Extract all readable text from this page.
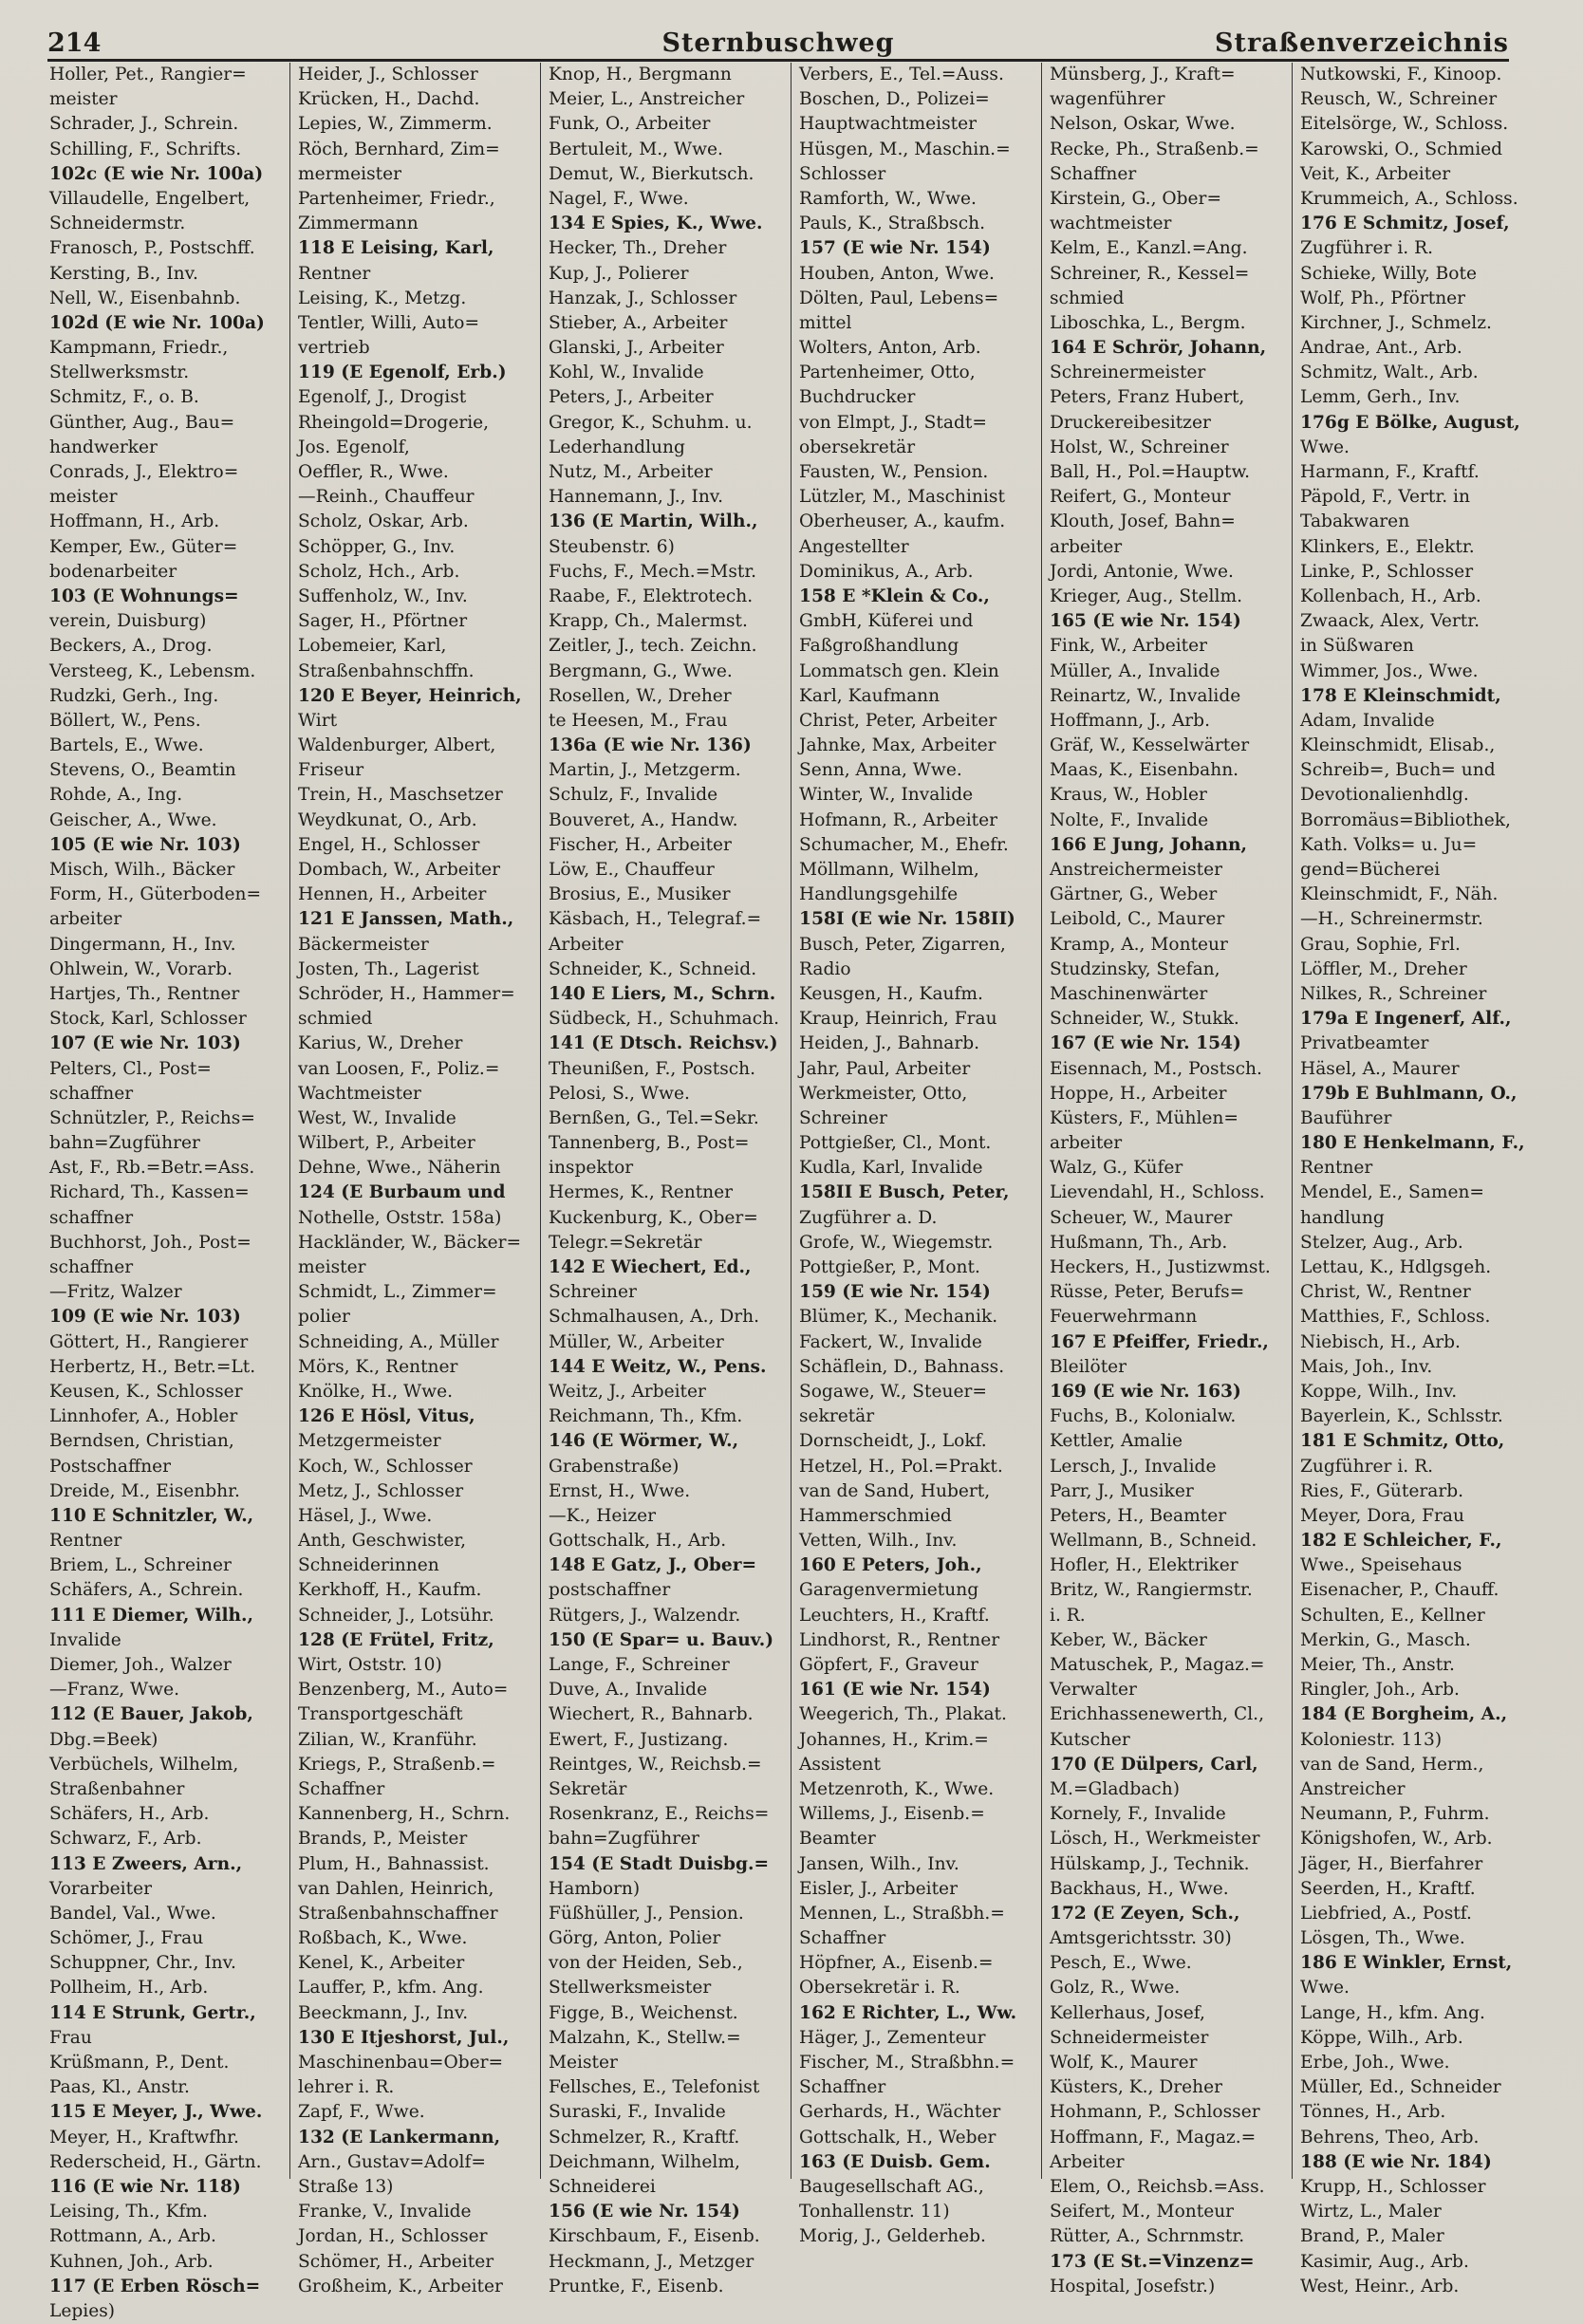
214	Sternbuschweg	Straßenverzeichnis
Holler, Pet., Rangier=
meister
Schrader, J., Schrein.
Schilling, F., Schrifts.
102c (E wie Nr. 100a)
Villaudelle, Engelbert,
Schneidermstr.
Franosch, P., Postschff.
Kersting, B., Inv.
Nell, W., Eisenbahnb.
102d (E wie Nr. 100a)
Kampmann, Friedr.,
Stellwerksmstr.
Schmitz, F., o. B.
Günther, Aug., Bau=
handwerker
Conrads, J., Elektro=
meister
Hoffmann, H., Arb.
Kemper, Ew., Güter=
bodenarbeiter
103 (E Wohnungs=
verein, Duisburg)
Beckers, A., Drog.
Versteeg, K., Lebensm.
Rudzki, Gerh., Ing.
Böllert, W., Pens.
Bartels, E., Wwe.
Stevens, O., Beamtin
Rohde, A., Ing.
Geischer, A., Wwe.
105 (E wie Nr. 103)
Misch, Wilh., Bäcker
Form, H., Güterboden=
arbeiter
Dingermann, H., Inv.
Ohlwein, W., Vorarb.
Hartjes, Th., Rentner
Stock, Karl, Schlosser
107 (E wie Nr. 103)
Pelters, Cl., Post=
schaffner
Schnützler, P., Reichs=
bahn=Zugführer
Ast, F., Rb.=Betr.=Ass.
Richard, Th., Kassen=
schaffner
Buchhorst, Joh., Post=
schaffner
—Fritz, Walzer
109 (E wie Nr. 103)
Göttert, H., Rangierer
Herbertz, H., Betr.=Lt.
Keusen, K., Schlosser
Linnhofer, A., Hobler
Berndsen, Christian,
Postschaffner
Dreide, M., Eisenbhr.
110 E Schnitzler, W.,
Rentner
Briem, L., Schreiner
Schäfers, A., Schrein.
111 E Diemer, Wilh.,
Invalide
Diemer, Joh., Walzer
—Franz, Wwe.
112 (E Bauer, Jakob,
Dbg.=Beek)
Verbüchels, Wilhelm,
Straßenbahner
Schäfers, H., Arb.
Schwarz, F., Arb.
113 E Zweers, Arn.,
Vorarbeiter
Bandel, Val., Wwe.
Schömer, J., Frau
Schuppner, Chr., Inv.
Pollheim, H., Arb.
114 E Strunk, Gertr.,
Frau
Krüßmann, P., Dent.
Paas, Kl., Anstr.
115 E Meyer, J., Wwe.
Meyer, H., Kraftwfhr.
Rederscheid, H., Gärtn.
116 (E wie Nr. 118)
Leising, Th., Kfm.
Rottmann, A., Arb.
Kuhnen, Joh., Arb.
117 (E Erben Rösch=
Lepies)
Heider, J., Schlosser
Krücken, H., Dachd.
Lepies, W., Zimmerm.
Röch, Bernhard, Zim=
mermeister
Partenheimer, Friedr.,
Zimmermann
118 E Leising, Karl,
Rentner
Leising, K., Metzg.
Tentler, Willi, Auto=
vertrieb
119 (E Egenolf, Erb.)
Egenolf, J., Drogist
Rheingold=Drogerie,
Jos. Egenolf,
Oeffler, R., Wwe.
—Reinh., Chauffeur
Scholz, Oskar, Arb.
Schöpper, G., Inv.
Scholz, Hch., Arb.
Suffenholz, W., Inv.
Sager, H., Pförtner
Lobemeier, Karl,
Straßenbahnschffn.
120 E Beyer, Heinrich,
Wirt
Waldenburger, Albert,
Friseur
Trein, H., Maschsetzer
Weydkunat, O., Arb.
Engel, H., Schlosser
Dombach, W., Arbeiter
Hennen, H., Arbeiter
121 E Janssen, Math.,
Bäckermeister
Josten, Th., Lagerist
Schröder, H., Hammer=
schmied
Karius, W., Dreher
van Loosen, F., Poliz.=
Wachtmeister
West, W., Invalide
Wilbert, P., Arbeiter
Dehne, Wwe., Näherin
124 (E Burbaum und
Nothelle, Oststr. 158a)
Hackländer, W., Bäcker=
meister
Schmidt, L., Zimmer=
polier
Schneiding, A., Müller
Mörs, K., Rentner
Knölke, H., Wwe.
126 E Hösl, Vitus,
Metzgermeister
Koch, W., Schlosser
Metz, J., Schlosser
Häsel, J., Wwe.
Anth, Geschwister,
Schneiderinnen
Kerkhoff, H., Kaufm.
Schneider, J., Lotsühr.
128 (E Frütel, Fritz,
Wirt, Oststr. 10)
Benzenberg, M., Auto=
Transportgeschäft
Zilian, W., Kranführ.
Kriegs, P., Straßenb.=
Schaffner
Kannenberg, H., Schrn.
Brands, P., Meister
Plum, H., Bahnassist.
van Dahlen, Heinrich,
Straßenbahnschaffner
Roßbach, K., Wwe.
Kenel, K., Arbeiter
Lauffer, P., kfm. Ang.
Beeckmann, J., Inv.
130 E Itjeshorst, Jul.,
Maschinenbau=Ober=
lehrer i. R.
Zapf, F., Wwe.
132 (E Lankermann,
Arn., Gustav=Adolf=
Straße 13)
Franke, V., Invalide
Jordan, H., Schlosser
Schömer, H., Arbeiter
Großheim, K., Arbeiter
Knop, H., Bergmann
Meier, L., Anstreicher
Funk, O., Arbeiter
Bertuleit, M., Wwe.
Demut, W., Bierkutsch.
Nagel, F., Wwe.
134 E Spies, K., Wwe.
Hecker, Th., Dreher
Kup, J., Polierer
Hanzak, J., Schlosser
Stieber, A., Arbeiter
Glanski, J., Arbeiter
Kohl, W., Invalide
Peters, J., Arbeiter
Gregor, K., Schuhm. u.
Lederhandlung
Nutz, M., Arbeiter
Hannemann, J., Inv.
136 (E Martin, Wilh.,
Steubenstr. 6)
Fuchs, F., Mech.=Mstr.
Raabe, F., Elektrotech.
Krapp, Ch., Malermst.
Zeitler, J., tech. Zeichn.
Bergmann, G., Wwe.
Rosellen, W., Dreher
te Heesen, M., Frau
136a (E wie Nr. 136)
Martin, J., Metzgerm.
Schulz, F., Invalide
Bouveret, A., Handw.
Fischer, H., Arbeiter
Löw, E., Chauffeur
Brosius, E., Musiker
Käsbach, H., Telegraf.=
Arbeiter
Schneider, K., Schneid.
140 E Liers, M., Schrn.
Südbeck, H., Schuhmach.
141 (E Dtsch. Reichsv.)
Theunißen, F., Postsch.
Pelosi, S., Wwe.
Bernßen, G., Tel.=Sekr.
Tannenberg, B., Post=
inspektor
Hermes, K., Rentner
Kuckenburg, K., Ober=
Telegr.=Sekretär
142 E Wiechert, Ed.,
Schreiner
Schmalhausen, A., Drh.
Müller, W., Arbeiter
144 E Weitz, W., Pens.
Weitz, J., Arbeiter
Reichmann, Th., Kfm.
146 (E Wörmer, W.,
Grabenstraße)
Ernst, H., Wwe.
—K., Heizer
Gottschalk, H., Arb.
148 E Gatz, J., Ober=
postschaffner
Rütgers, J., Walzendr.
150 (E Spar= u. Bauv.)
Lange, F., Schreiner
Duve, A., Invalide
Wiechert, R., Bahnarb.
Ewert, F., Justizang.
Reintges, W., Reichsb.=
Sekretär
Rosenkranz, E., Reichs=
bahn=Zugführer
154 (E Stadt Duisbg.=
Hamborn)
Füßhüller, J., Pension.
Görg, Anton, Polier
von der Heiden, Seb.,
Stellwerksmeister
Figge, B., Weichenst.
Malzahn, K., Stellw.=
Meister
Fellsches, E., Telefonist
Suraski, F., Invalide
Schmelzer, R., Kraftf.
Deichmann, Wilhelm,
Schneiderei
156 (E wie Nr. 154)
Kirschbaum, F., Eisenb.
Heckmann, J., Metzger
Pruntke, F., Eisenb.
Verbers, E., Tel.=Auss.
Boschen, D., Polizei=
Hauptwachtmeister
Hüsgen, M., Maschin.=
Schlosser
Ramforth, W., Wwe.
Pauls, K., Straßbsch.
157 (E wie Nr. 154)
Houben, Anton, Wwe.
Dölten, Paul, Lebens=
mittel
Wolters, Anton, Arb.
Partenheimer, Otto,
Buchdrucker
von Elmpt, J., Stadt=
obersekretär
Fausten, W., Pension.
Lützler, M., Maschinist
Oberheuser, A., kaufm.
Angestellter
Dominikus, A., Arb.
158 E *Klein & Co.,
GmbH, Küferei und
Faßgroßhandlung
Lommatsch gen. Klein
Karl, Kaufmann
Christ, Peter, Arbeiter
Jahnke, Max, Arbeiter
Senn, Anna, Wwe.
Winter, W., Invalide
Hofmann, R., Arbeiter
Schumacher, M., Ehefr.
Möllmann, Wilhelm,
Handlungsgehilfe
158I (E wie Nr. 158II)
Busch, Peter, Zigarren,
Radio
Keusgen, H., Kaufm.
Kraup, Heinrich, Frau
Heiden, J., Bahnarb.
Jahr, Paul, Arbeiter
Werkmeister, Otto,
Schreiner
Pottgießer, Cl., Mont.
Kudla, Karl, Invalide
158II E Busch, Peter,
Zugführer a. D.
Grofe, W., Wiegemstr.
Pottgießer, P., Mont.
159 (E wie Nr. 154)
Blümer, K., Mechanik.
Fackert, W., Invalide
Schäflein, D., Bahnass.
Sogawe, W., Steuer=
sekretär
Dornscheidt, J., Lokf.
Hetzel, H., Pol.=Prakt.
van de Sand, Hubert,
Hammerschmied
Vetten, Wilh., Inv.
160 E Peters, Joh.,
Garagenvermietung
Leuchters, H., Kraftf.
Lindhorst, R., Rentner
Göpfert, F., Graveur
161 (E wie Nr. 154)
Weegerich, Th., Plakat.
Johannes, H., Krim.=
Assistent
Metzenroth, K., Wwe.
Willems, J., Eisenb.=
Beamter
Jansen, Wilh., Inv.
Eisler, J., Arbeiter
Mennen, L., Straßbh.=
Schaffner
Höpfner, A., Eisenb.=
Obersekretär i. R.
162 E Richter, L., Ww.
Häger, J., Zementeur
Fischer, M., Straßbhn.=
Schaffner
Gerhards, H., Wächter
Gottschalk, H., Weber
163 (E Duisb. Gem.
Baugesellschaft AG.,
Tonhallenstr. 11)
Morig, J., Gelderheb.
Münsberg, J., Kraft=
wagenführer
Nelson, Oskar, Wwe.
Recke, Ph., Straßenb.=
Schaffner
Kirstein, G., Ober=
wachtmeister
Kelm, E., Kanzl.=Ang.
Schreiner, R., Kessel=
schmied
Liboschka, L., Bergm.
164 E Schrör, Johann,
Schreinermeister
Peters, Franz Hubert,
Druckereibesitzer
Holst, W., Schreiner
Ball, H., Pol.=Hauptw.
Reifert, G., Monteur
Klouth, Josef, Bahn=
arbeiter
Jordi, Antonie, Wwe.
Krieger, Aug., Stellm.
165 (E wie Nr. 154)
Fink, W., Arbeiter
Müller, A., Invalide
Reinartz, W., Invalide
Hoffmann, J., Arb.
Gräf, W., Kesselwärter
Maas, K., Eisenbahn.
Kraus, W., Hobler
Nolte, F., Invalide
166 E Jung, Johann,
Anstreichermeister
Gärtner, G., Weber
Leibold, C., Maurer
Kramp, A., Monteur
Studzinsky, Stefan,
Maschinenwärter
Schneider, W., Stukk.
167 (E wie Nr. 154)
Eisennach, M., Postsch.
Hoppe, H., Arbeiter
Küsters, F., Mühlen=
arbeiter
Walz, G., Küfer
Lievendahl, H., Schloss.
Scheuer, W., Maurer
Hußmann, Th., Arb.
Heckers, H., Justizwmst.
Rüsse, Peter, Berufs=
Feuerwehrmann
167 E Pfeiffer, Friedr.,
Bleilöter
169 (E wie Nr. 163)
Fuchs, B., Kolonialw.
Kettler, Amalie
Lersch, J., Invalide
Parr, J., Musiker
Peters, H., Beamter
Wellmann, B., Schneid.
Hofler, H., Elektriker
Britz, W., Rangiermstr.
i. R.
Keber, W., Bäcker
Matuschek, P., Magaz.=
Verwalter
Erichhassenewerth, Cl.,
Kutscher
170 (E Dülpers, Carl,
M.=Gladbach)
Kornely, F., Invalide
Lösch, H., Werkmeister
Hülskamp, J., Technik.
Backhaus, H., Wwe.
172 (E Zeyen, Sch.,
Amtsgerichtsstr. 30)
Pesch, E., Wwe.
Golz, R., Wwe.
Kellerhaus, Josef,
Schneidermeister
Wolf, K., Maurer
Küsters, K., Dreher
Hohmann, P., Schlosser
Hoffmann, F., Magaz.=
Arbeiter
Elem, O., Reichsb.=Ass.
Seifert, M., Monteur
Rütter, A., Schrnmstr.
173 (E St.=Vinzenz=
Hospital, Josefstr.)
Nutkowski, F., Kinoop.
Reusch, W., Schreiner
Eitelsörge, W., Schloss.
Karowski, O., Schmied
Veit, K., Arbeiter
Krummeich, A., Schloss.
176 E Schmitz, Josef,
Zugführer i. R.
Schieke, Willy, Bote
Wolf, Ph., Pförtner
Kirchner, J., Schmelz.
Andrae, Ant., Arb.
Schmitz, Walt., Arb.
Lemm, Gerh., Inv.
176g E Bölke, August,
Wwe.
Harmann, F., Kraftf.
Päpold, F., Vertr. in
Tabakwaren
Klinkers, E., Elektr.
Linke, P., Schlosser
Kollenbach, H., Arb.
Zwaack, Alex, Vertr.
in Süßwaren
Wimmer, Jos., Wwe.
178 E Kleinschmidt,
Adam, Invalide
Kleinschmidt, Elisab.,
Schreib=, Buch= und
Devotionalienhdlg.
Borromäus=Bibliothek,
Kath. Volks= u. Ju=
gend=Bücherei
Kleinschmidt, F., Näh.
—H., Schreinermstr.
Grau, Sophie, Frl.
Löffler, M., Dreher
Nilkes, R., Schreiner
179a E Ingenerf, Alf.,
Privatbeamter
Häsel, A., Maurer
179b E Buhlmann, O.,
Bauführer
180 E Henkelmann, F.,
Rentner
Mendel, E., Samen=
handlung
Stelzer, Aug., Arb.
Lettau, K., Hdlgsgeh.
Christ, W., Rentner
Matthies, F., Schloss.
Niebisch, H., Arb.
Mais, Joh., Inv.
Koppe, Wilh., Inv.
Bayerlein, K., Schlsstr.
181 E Schmitz, Otto,
Zugführer i. R.
Ries, F., Güterarb.
Meyer, Dora, Frau
182 E Schleicher, F.,
Wwe., Speisehaus
Eisenacher, P., Chauff.
Schulten, E., Kellner
Merkin, G., Masch.
Meier, Th., Anstr.
Ringler, Joh., Arb.
184 (E Borgheim, A.,
Koloniestr. 113)
van de Sand, Herm.,
Anstreicher
Neumann, P., Fuhrm.
Königshofen, W., Arb.
Jäger, H., Bierfahrer
Seerden, H., Kraftf.
Liebfried, A., Postf.
Lösgen, Th., Wwe.
186 E Winkler, Ernst,
Wwe.
Lange, H., kfm. Ang.
Köppe, Wilh., Arb.
Erbe, Joh., Wwe.
Müller, Ed., Schneider
Tönnes, H., Arb.
Behrens, Theo, Arb.
188 (E wie Nr. 184)
Krupp, H., Schlosser
Wirtz, L., Maler
Brand, P., Maler
Kasimir, Aug., Arb.
West, Heinr., Arb.
